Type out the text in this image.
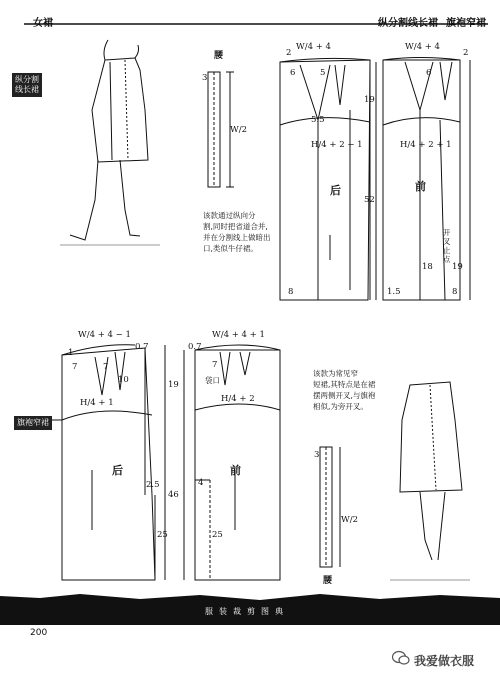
女裙	纵分割线长裙 旗袍窄裙
纵分割
线长裙
旗袍窄裙
腰
腰
W/2
W/2
3
3
该款通过纵向分
割,同时把省道合并,
并在分割线上做暗出
口,类似牛仔裙。
该款为常见窄
短裙,其特点是在裙
摆两侧开叉,与旗袍
相似,为旁开叉。
W/4 + 4	W/4 + 4
H/4 + 2 − 1	H/4 + 2 + 1
19
52
8	8
1.5
18 19
5.5
2	2
6	6
5
后	前
开叉止点
W/4 + 4 − 1	W/4 + 4 + 1
H/4 + 1	H/4 + 2
19
46
25	25
2.5
0.7	0.7
7	7
10
7
4
1
袋口
后	前
服装裁剪图典
200
我爱做衣服
